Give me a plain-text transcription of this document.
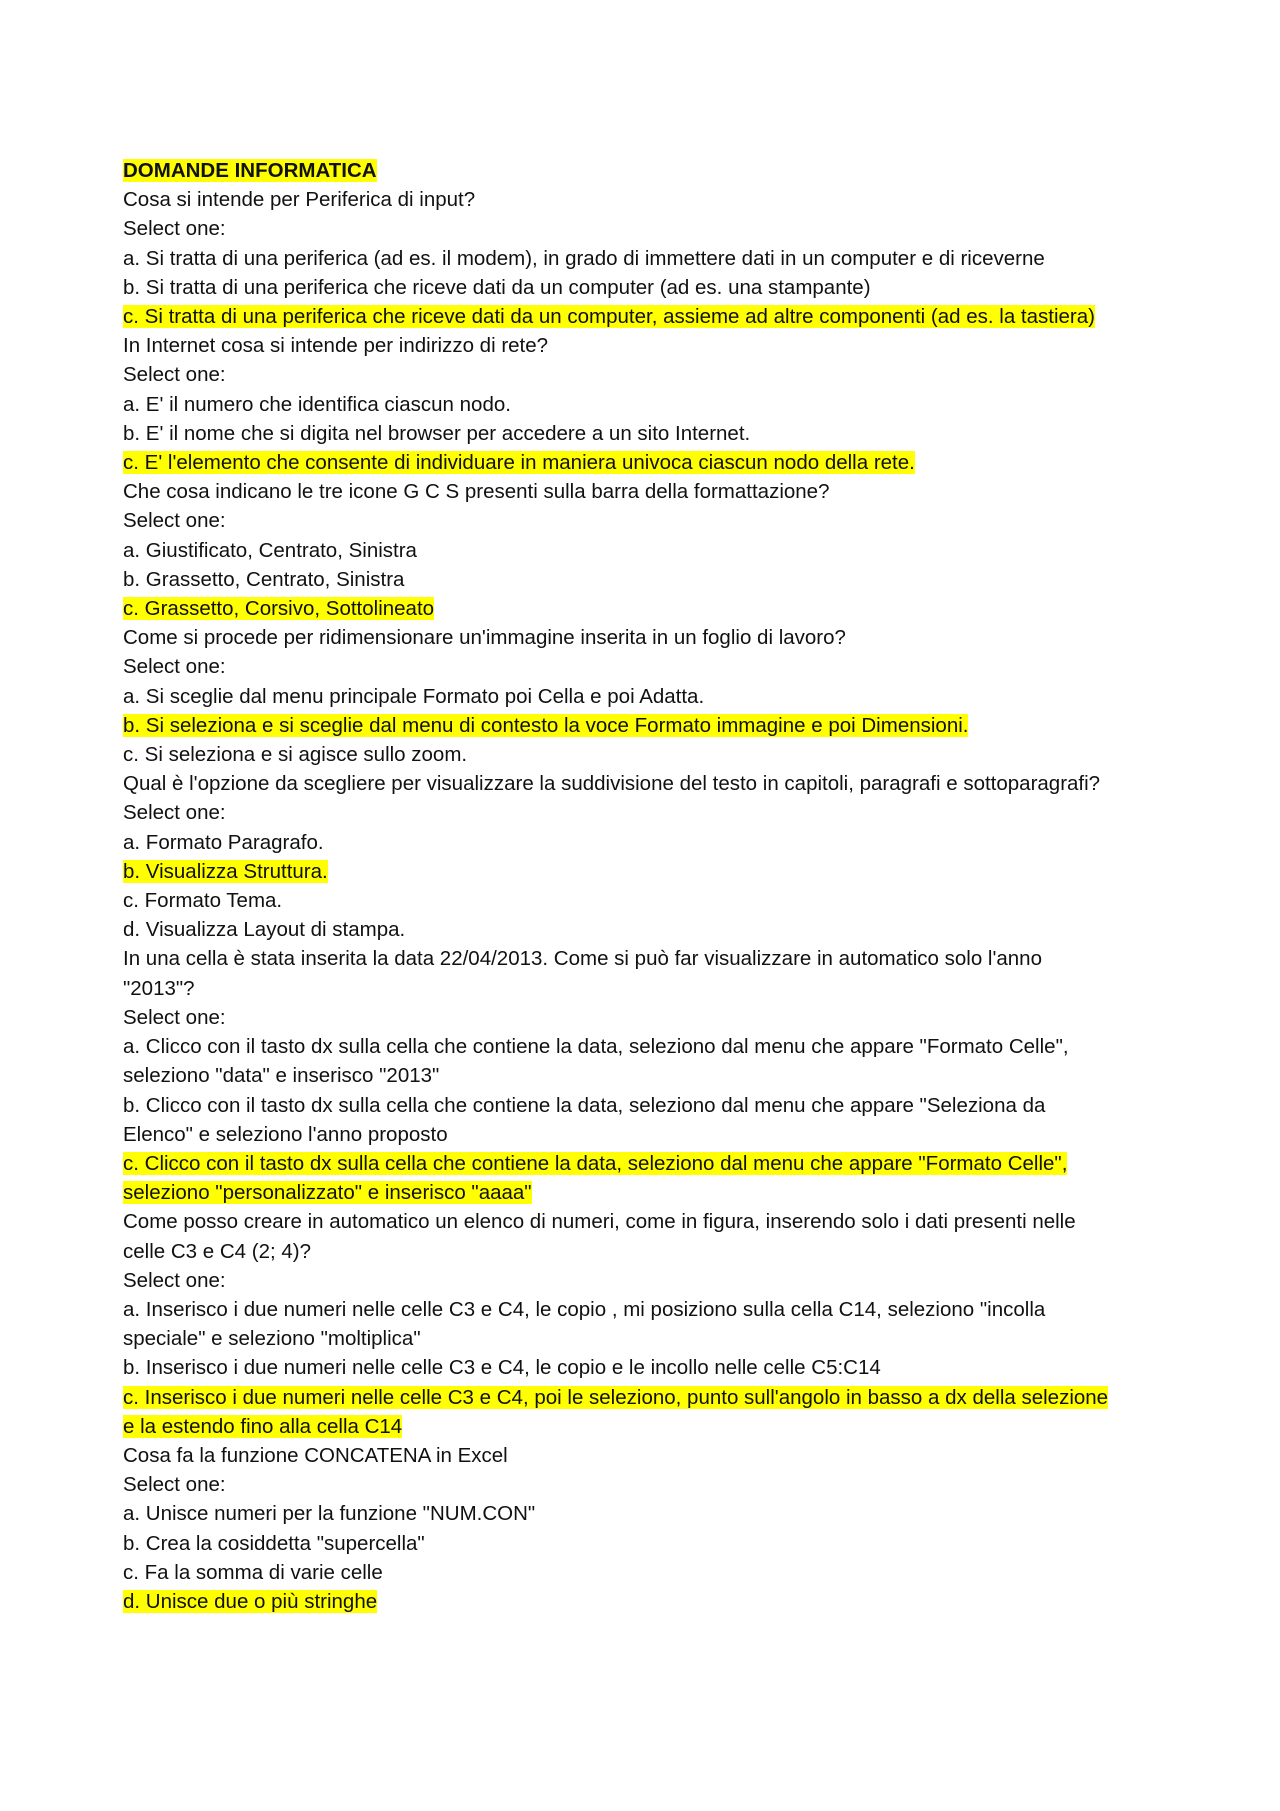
DOMANDE INFORMATICA
Cosa si intende per Periferica di input?
Select one:
a. Si tratta di una periferica (ad es. il modem), in grado di immettere dati in un computer e di riceverne
b. Si tratta di una periferica che riceve dati da un computer (ad es. una stampante)
c. Si tratta di una periferica che riceve dati da un computer, assieme ad altre componenti (ad es. la tastiera)
In Internet cosa si intende per indirizzo di rete?
Select one:
a. E' il numero che identifica ciascun nodo.
b. E' il nome che si digita nel browser per accedere a un sito Internet.
c. E' l'elemento che consente di individuare in maniera univoca ciascun nodo della rete.
Che cosa indicano le tre icone G C S presenti sulla barra della formattazione?
Select one:
a. Giustificato, Centrato, Sinistra
b. Grassetto, Centrato, Sinistra
c. Grassetto, Corsivo, Sottolineato
Come si procede per ridimensionare un'immagine inserita in un foglio di lavoro?
Select one:
a. Si sceglie dal menu principale Formato poi Cella e poi Adatta.
b. Si seleziona e si sceglie dal menu di contesto la voce Formato immagine e poi Dimensioni.
c. Si seleziona e si agisce sullo zoom.
Qual è l'opzione da scegliere per visualizzare la suddivisione del testo in capitoli, paragrafi e sottoparagrafi?
Select one:
a. Formato Paragrafo.
b. Visualizza Struttura.
c. Formato Tema.
d. Visualizza Layout di stampa.
In una cella è stata inserita la data 22/04/2013. Come si può far visualizzare in automatico solo l'anno
"2013"?
Select one:
a. Clicco con il tasto dx sulla cella che contiene la data, seleziono dal menu che appare "Formato Celle",
seleziono "data" e inserisco "2013"
b. Clicco con il tasto dx sulla cella che contiene la data, seleziono dal menu che appare "Seleziona da
Elenco" e seleziono l'anno proposto
c. Clicco con il tasto dx sulla cella che contiene la data, seleziono dal menu che appare "Formato Celle",
seleziono "personalizzato" e inserisco "aaaa"
Come posso creare in automatico un elenco di numeri, come in figura, inserendo solo i dati presenti nelle
celle C3 e C4 (2; 4)?
Select one:
a. Inserisco i due numeri nelle celle C3 e C4, le copio , mi posiziono sulla cella C14, seleziono "incolla
speciale" e seleziono "moltiplica"
b. Inserisco i due numeri nelle celle C3 e C4, le copio e le incollo nelle celle C5:C14
c. Inserisco i due numeri nelle celle C3 e C4, poi le seleziono, punto sull'angolo in basso a dx della selezione
e la estendo fino alla cella C14
Cosa fa la funzione CONCATENA in Excel
Select one:
a. Unisce numeri per la funzione "NUM.CON"
b. Crea la cosiddetta "supercella"
c. Fa la somma di varie celle
d. Unisce due o più stringhe
